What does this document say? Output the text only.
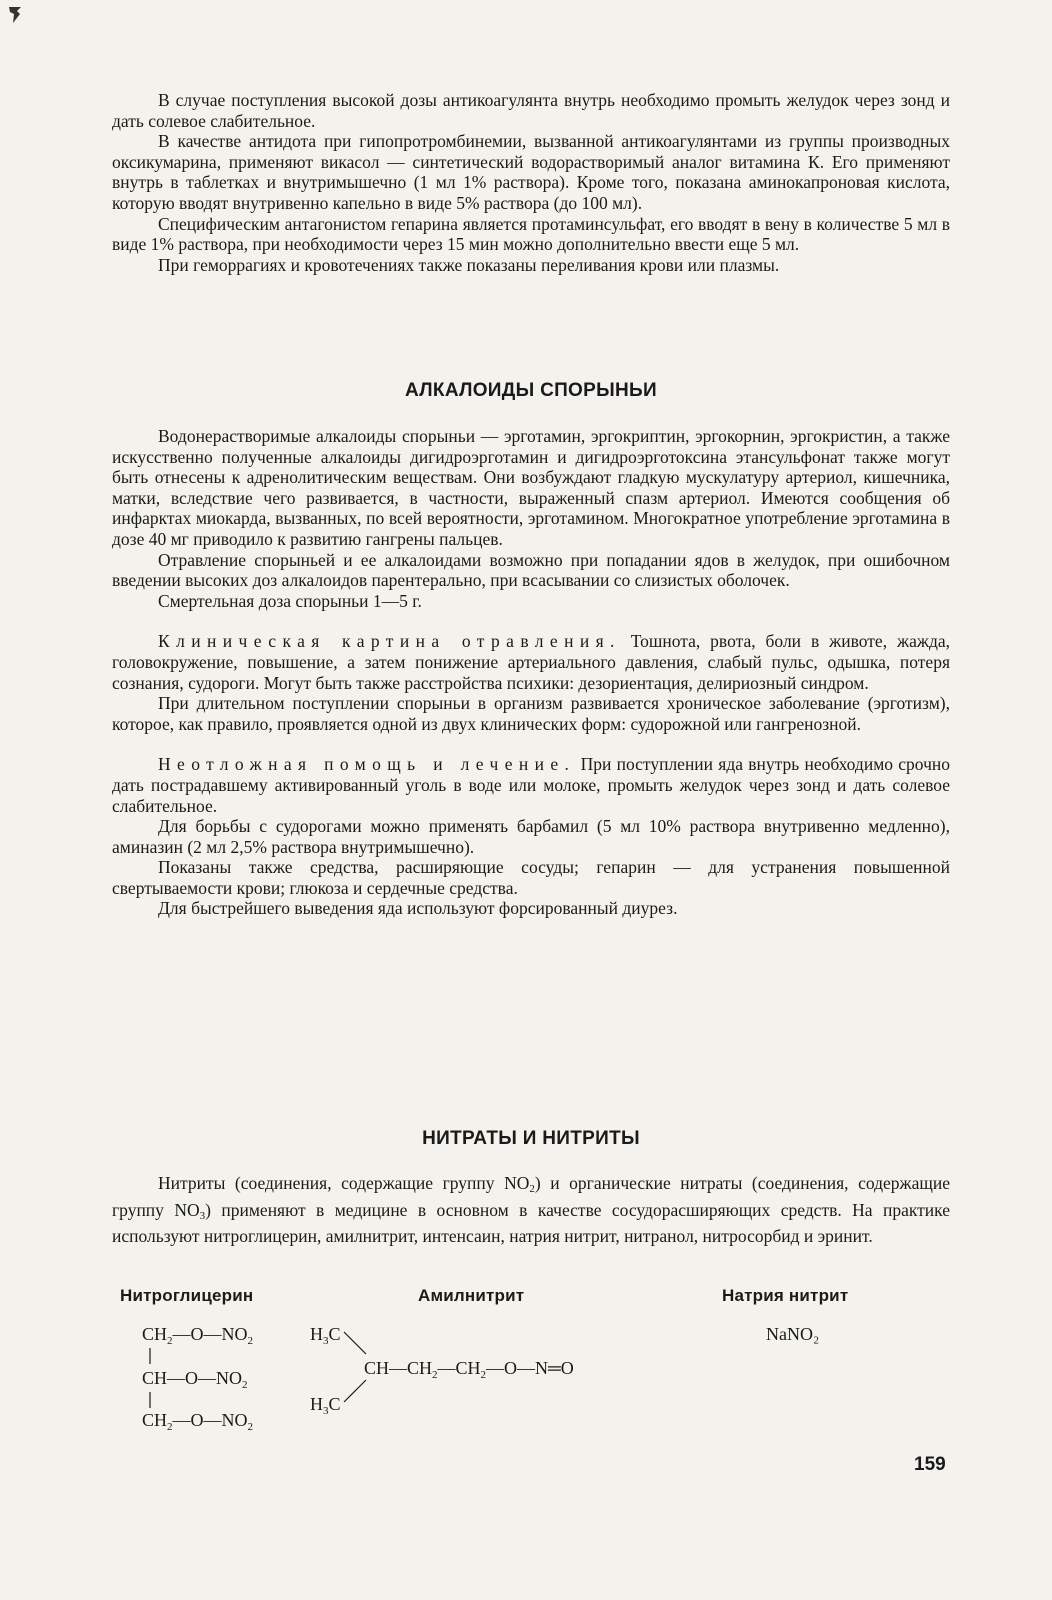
В случае поступления высокой дозы антикоагулянта внутрь необходимо промыть желудок через зонд и дать солевое слабительное.

В качестве антидота при гипопротромбинемии, вызванной антикоагулянтами из группы производных оксикумарина, применяют викасол — синтетический водорастворимый аналог витамина К. Его применяют внутрь в таблетках и внутримышечно (1 мл 1% раствора). Кроме того, показана аминокапроновая кислота, которую вводят внутривенно капельно в виде 5% раствора (до 100 мл).

Специфическим антагонистом гепарина является протаминсульфат, его вводят в вену в количестве 5 мл в виде 1% раствора, при необходимости через 15 мин можно дополнительно ввести еще 5 мл.

При геморрагиях и кровотечениях также показаны переливания крови или плазмы.

АЛКАЛОИДЫ СПОРЫНЬИ

Водонерастворимые алкалоиды спорыньи — эрготамин, эргокриптин, эргокорнин, эргокристин, а также искусственно полученные алкалоиды дигидроэрготамин и дигидроэрготоксина этансульфонат также могут быть отнесены к адренолитическим веществам. Они возбуждают гладкую мускулатуру артериол, кишечника, матки, вследствие чего развивается, в частности, выраженный спазм артериол. Имеются сообщения об инфарктах миокарда, вызванных, по всей вероятности, эрготамином. Многократное употребление эрготамина в дозе 40 мг приводило к развитию гангрены пальцев.

Отравление спорыньей и ее алкалоидами возможно при попадании ядов в желудок, при ошибочном введении высоких доз алкалоидов парентерально, при всасывании со слизистых оболочек.

Смертельная доза спорыньи 1—5 г.

Клиническая картина отравления. Тошнота, рвота, боли в животе, жажда, головокружение, повышение, а затем понижение артериального давления, слабый пульс, одышка, потеря сознания, судороги. Могут быть также расстройства психики: дезориентация, делириозный синдром.

При длительном поступлении спорыньи в организм развивается хроническое заболевание (эрготизм), которое, как правило, проявляется одной из двух клинических форм: судорожной или гангренозной.

Неотложная помощь и лечение. При поступлении яда внутрь необходимо срочно дать пострадавшему активированный уголь в воде или молоке, промыть желудок через зонд и дать солевое слабительное.

Для борьбы с судорогами можно применять барбамил (5 мл 10% раствора внутривенно медленно), аминазин (2 мл 2,5% раствора внутримышечно).

Показаны также средства, расширяющие сосуды; гепарин — для устранения повышенной свертываемости крови; глюкоза и сердечные средства.

Для быстрейшего выведения яда используют форсированный диурез.

НИТРАТЫ И НИТРИТЫ

Нитриты (соединения, содержащие группу $NO_2$) и органические нитраты (соединения, содержащие группу $NO_3$) применяют в медицине в основном в качестве сосудорасширяющих средств. На практике используют нитроглицерин, амилнитрит, интенсаин, натрия нитрит, нитранол, нитросорбид и эринит.

Нитроглицерин	Амилнитрит	Натрия нитрит
$CH_2—O—NO_2$
$CH—O—NO_2$
$CH_2—O—NO_2$
$H_3C$
$CH—CH_2—CH_2—O—N═O$
$H_3C$
NaNO₂
159
